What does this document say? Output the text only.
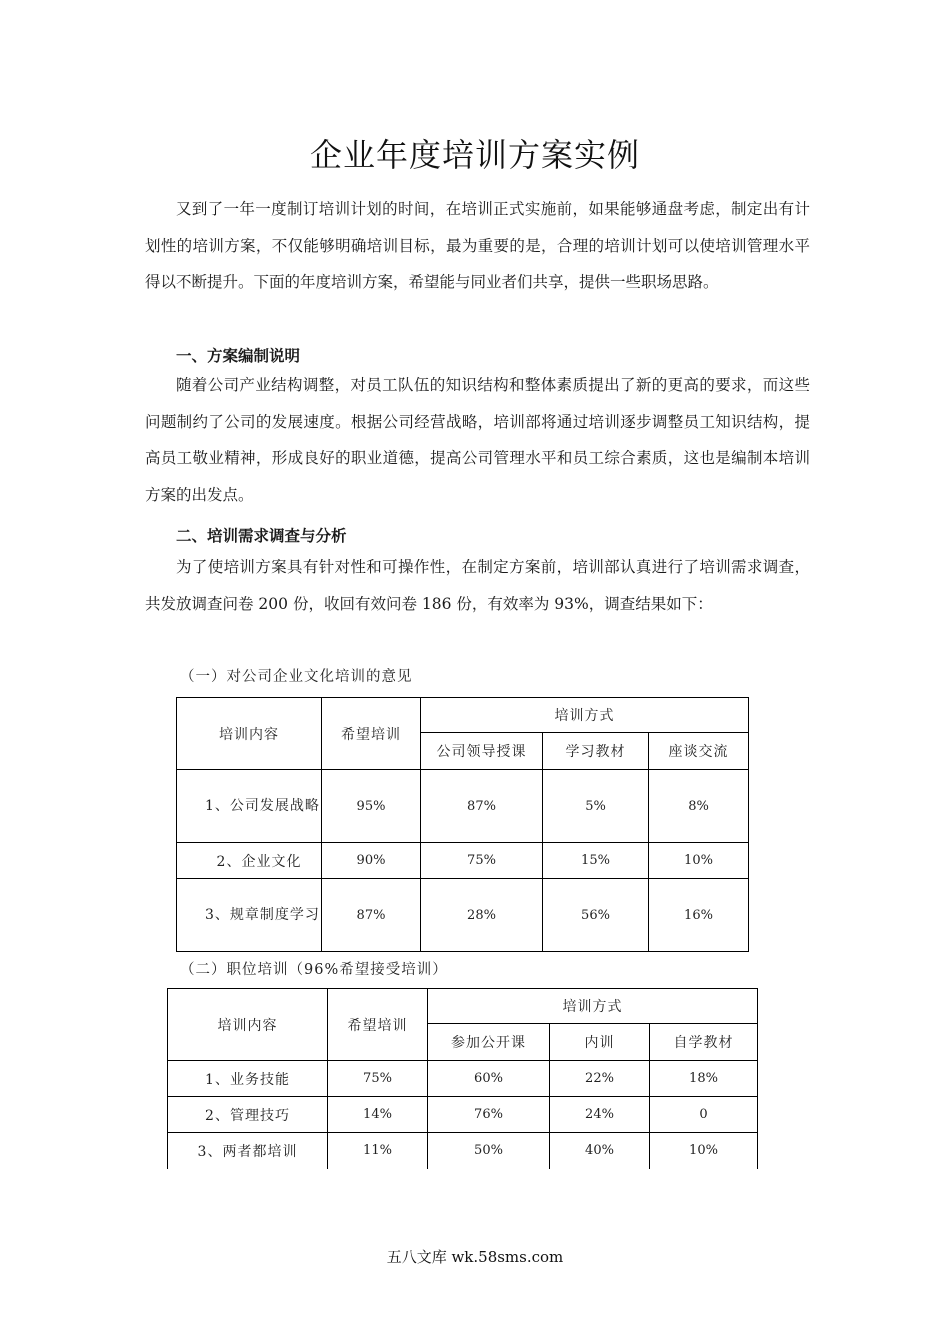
企业年度培训方案实例
又到了一年一度制订培训计划的时间，在培训正式实施前，如果能够通盘考虑，制定出有计划性的培训方案，不仅能够明确培训目标，最为重要的是，合理的培训计划可以使培训管理水平得以不断提升。下面的年度培训方案，希望能与同业者们共享，提供一些职场思路。
一、方案编制说明
随着公司产业结构调整，对员工队伍的知识结构和整体素质提出了新的更高的要求，而这些问题制约了公司的发展速度。根据公司经营战略，培训部将通过培训逐步调整员工知识结构，提高员工敬业精神，形成良好的职业道德，提高公司管理水平和员工综合素质，这也是编制本培训方案的出发点。
二、培训需求调查与分析
为了使培训方案具有针对性和可操作性，在制定方案前，培训部认真进行了培训需求调查，共发放调查问卷 200 份，收回有效问卷 186 份，有效率为 93%，调查结果如下：
（一）对公司企业文化培训的意见
培训内容	希望培训	培训方式		
		公司领导授课	学习教材	座谈交流
1、公司发展战略	95%	87%	5%	8%
2、企业文化	90%	75%	15%	10%
3、规章制度学习	87%	28%	56%	16%
（二）职位培训（96%希望接受培训）
培训内容	希望培训	培训方式		
		参加公开课	内训	自学教材
1、业务技能	75%	60%	22%	18%
2、管理技巧	14%	76%	24%	0
3、两者都培训	11%	50%	40%	10%
五八文库 wk.58sms.com
